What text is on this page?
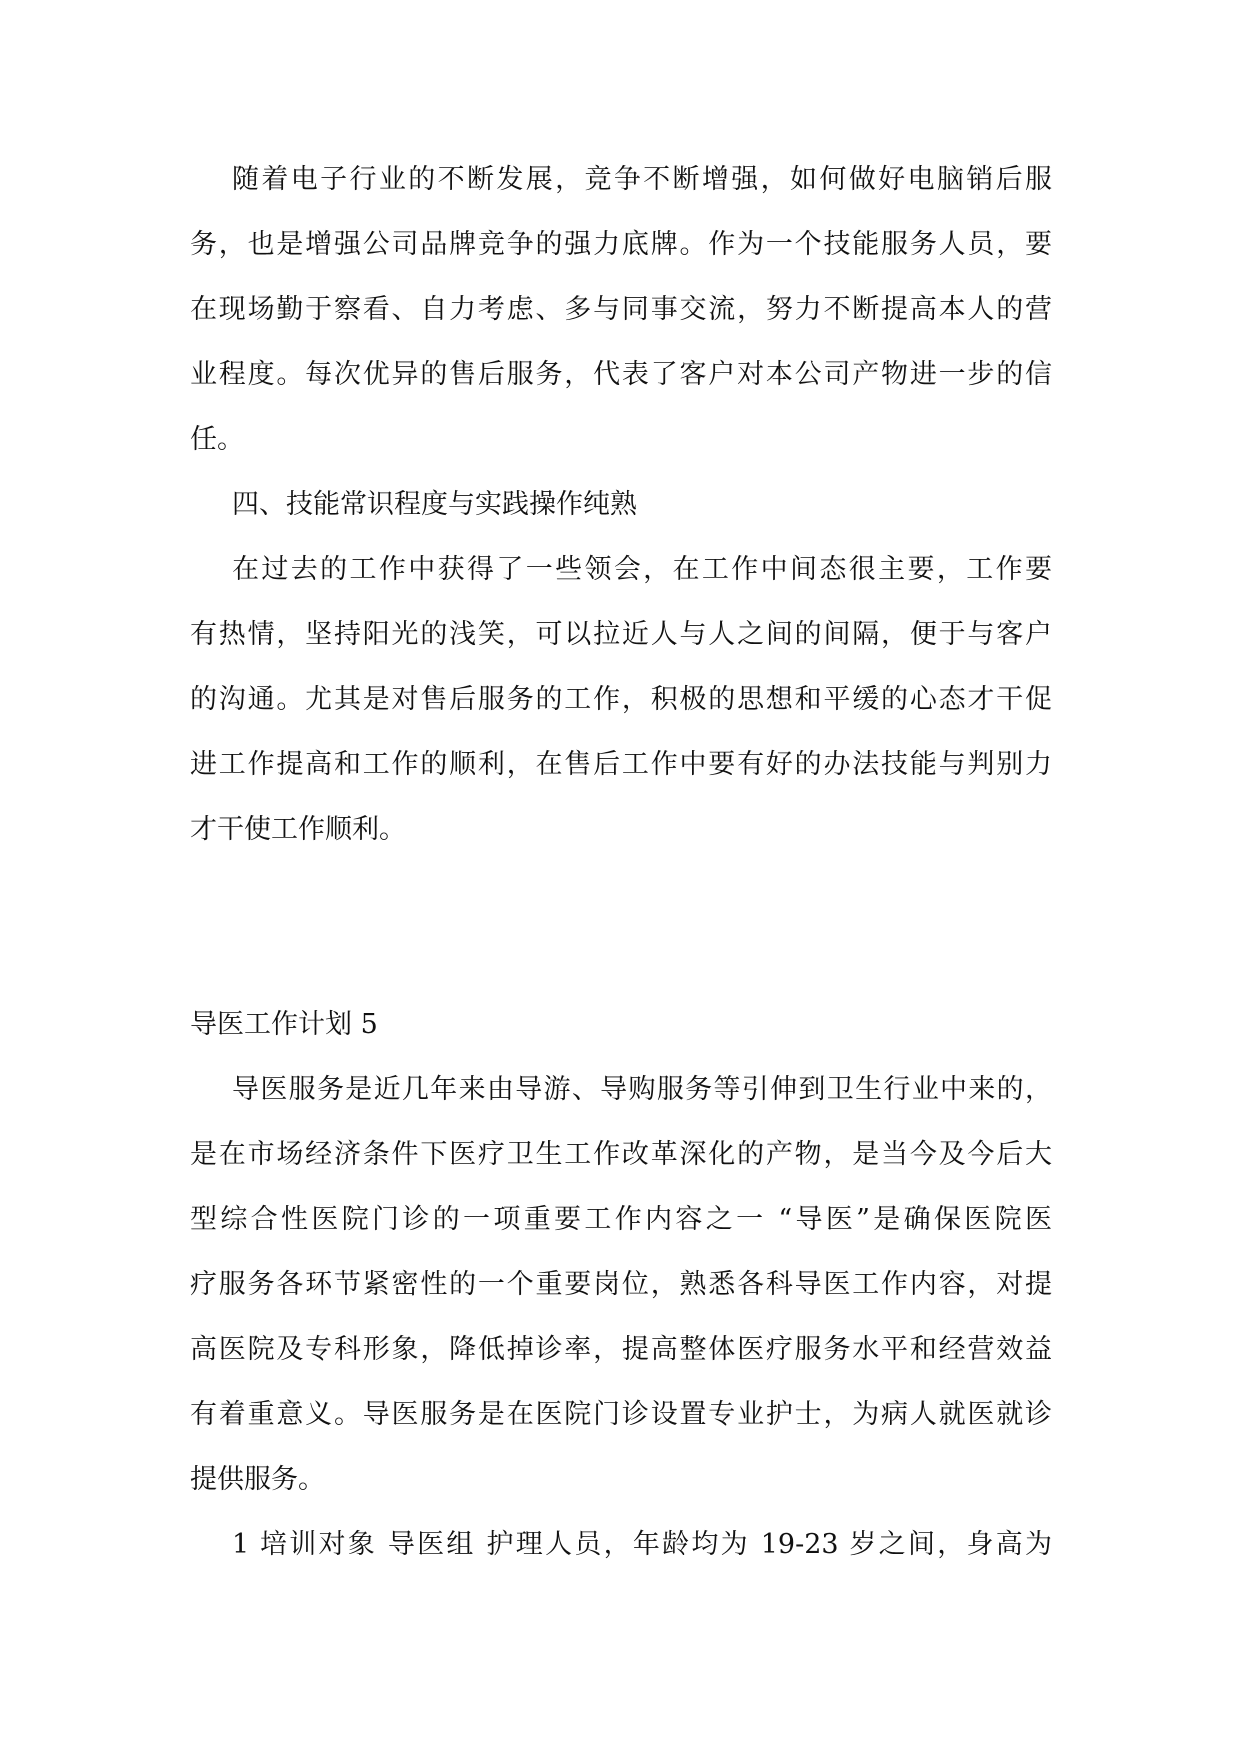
随着电子行业的不断发展，竞争不断增强，如何做好电脑销后服
务，也是增强公司品牌竞争的强力底牌。作为一个技能服务人员，要
在现场勤于察看、自力考虑、多与同事交流，努力不断提高本人的营
业程度。每次优异的售后服务，代表了客户对本公司产物进一步的信
任。
四、技能常识程度与实践操作纯熟
在过去的工作中获得了一些领会，在工作中间态很主要，工作要
有热情，坚持阳光的浅笑，可以拉近人与人之间的间隔，便于与客户
的沟通。尤其是对售后服务的工作，积极的思想和平缓的心态才干促
进工作提高和工作的顺利，在售后工作中要有好的办法技能与判别力
才干使工作顺利。
导医工作计划 5
导医服务是近几年来由导游、导购服务等引伸到卫生行业中来的，
是在市场经济条件下医疗卫生工作改革深化的产物，是当今及今后大
型综合性医院门诊的一项重要工作内容之一 “导医”是确保医院医
疗服务各环节紧密性的一个重要岗位，熟悉各科导医工作内容，对提
高医院及专科形象，降低掉诊率，提高整体医疗服务水平和经营效益
有着重意义。导医服务是在医院门诊设置专业护士，为病人就医就诊
提供服务。
1 培训对象 导医组 护理人员，年龄均为 19-23 岁之间，身高为
